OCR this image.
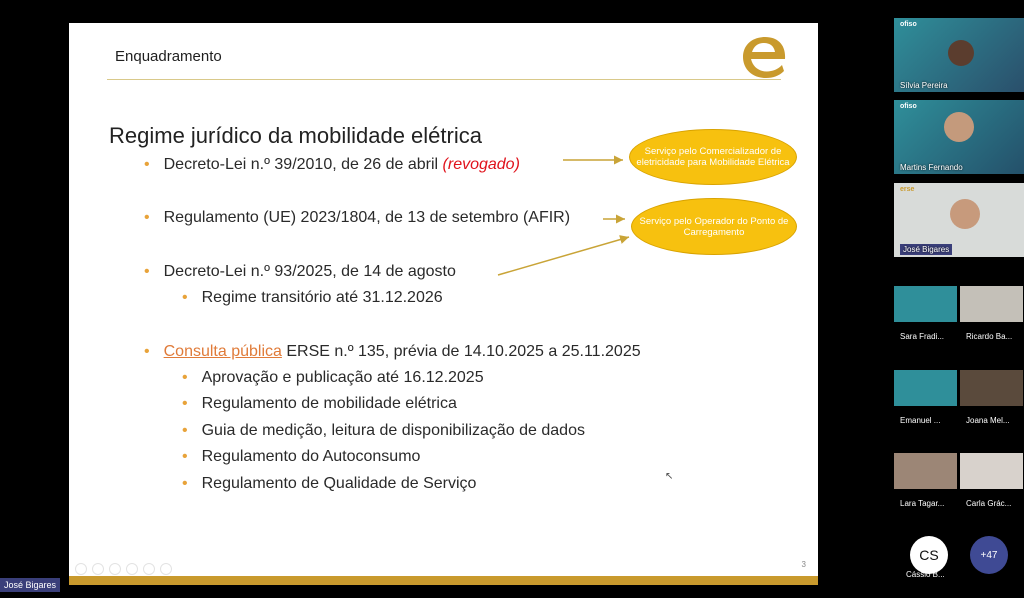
Enquadramento
Regime jurídico da mobilidade elétrica
• Decreto-Lei n.º 39/2010, de 26 de abril (revogado)
• Regulamento (UE) 2023/1804, de 13 de setembro (AFIR)
• Decreto-Lei n.º 93/2025, de 14 de agosto
• Regime transitório até 31.12.2026
• Consulta pública ERSE n.º 135, prévia de 14.10.2025 a 25.11.2025
• Aprovação e publicação até 16.12.2025
• Regulamento de mobilidade elétrica
• Guia de medição, leitura de disponibilização de dados
• Regulamento do Autoconsumo
• Regulamento de Qualidade de Serviço
Serviço pelo Comercializador de eletricidade para Mobilidade Elétrica
Serviço pelo Operador do Ponto de Carregamento
↖
3
José Bigares
ofiso
Sílvia Pereira
ofiso
Martins Fernando
erse
José Bigares
Sara Fradi...	Ricardo Ba...
Emanuel ...	Joana Mel...
Lara Tagar...	Carla Grác...
CS
Cássio B...
+47
